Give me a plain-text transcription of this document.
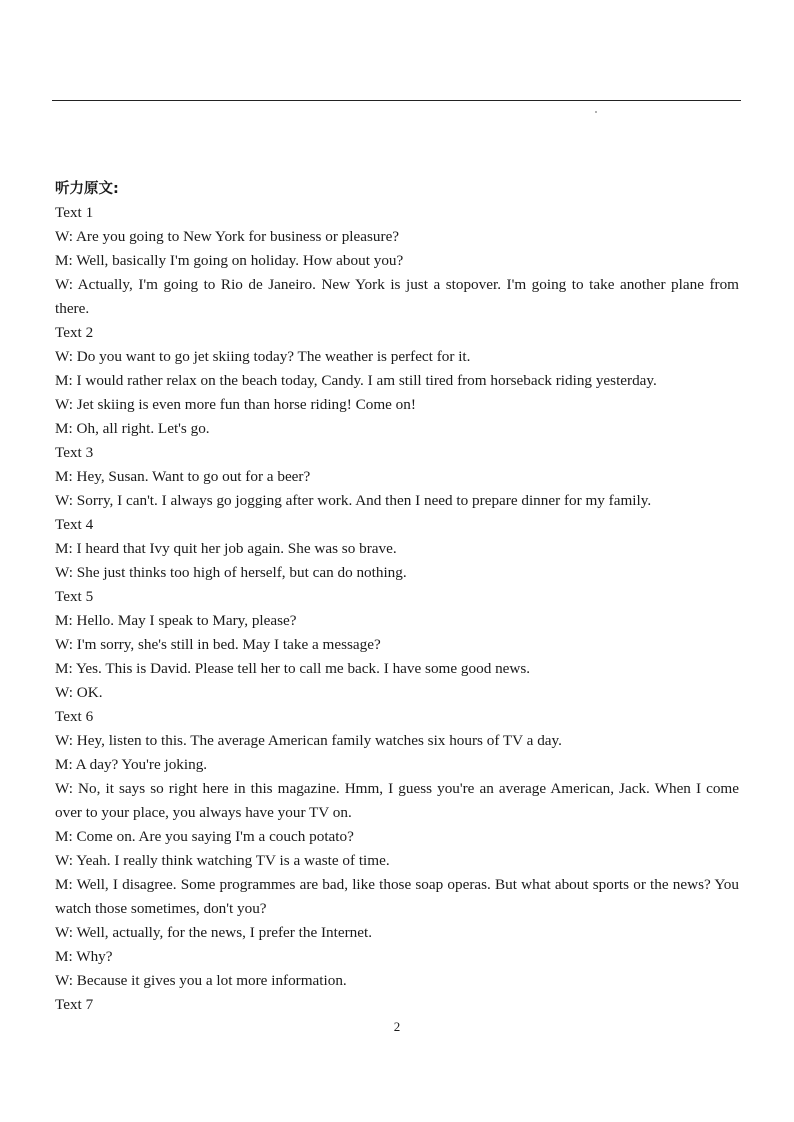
听力原文:

Text 1

W: Are you going to New York for business or pleasure?

M: Well, basically I'm going on holiday. How about you?

W: Actually, I'm going to Rio de Janeiro. New York is just a stopover. I'm going to take another plane from there.

Text 2

W: Do you want to go jet skiing today? The weather is perfect for it.

M: I would rather relax on the beach today, Candy. I am still tired from horseback riding yesterday.

W: Jet skiing is even more fun than horse riding! Come on!

M: Oh, all right. Let's go.

Text 3

M: Hey, Susan. Want to go out for a beer?

W: Sorry, I can't. I always go jogging after work. And then I need to prepare dinner for my family.

Text 4

M: I heard that Ivy quit her job again. She was so brave.

W: She just thinks too high of herself, but can do nothing.

Text 5

M: Hello. May I speak to Mary, please?

W: I'm sorry, she's still in bed. May I take a message?

M: Yes. This is David. Please tell her to call me back. I have some good news.

W: OK.

Text 6

W: Hey, listen to this. The average American family watches six hours of TV a day.

M: A day? You're joking.

W: No, it says so right here in this magazine. Hmm, I guess you're an average American, Jack. When I come over to your place, you always have your TV on.

M: Come on. Are you saying I'm a couch potato?

W: Yeah. I really think watching TV is a waste of time.

M: Well, I disagree. Some programmes are bad, like those soap operas. But what about sports or the news? You watch those sometimes, don't you?

W: Well, actually, for the news, I prefer the Internet.

M: Why?

W: Because it gives you a lot more information.

Text 7

2
